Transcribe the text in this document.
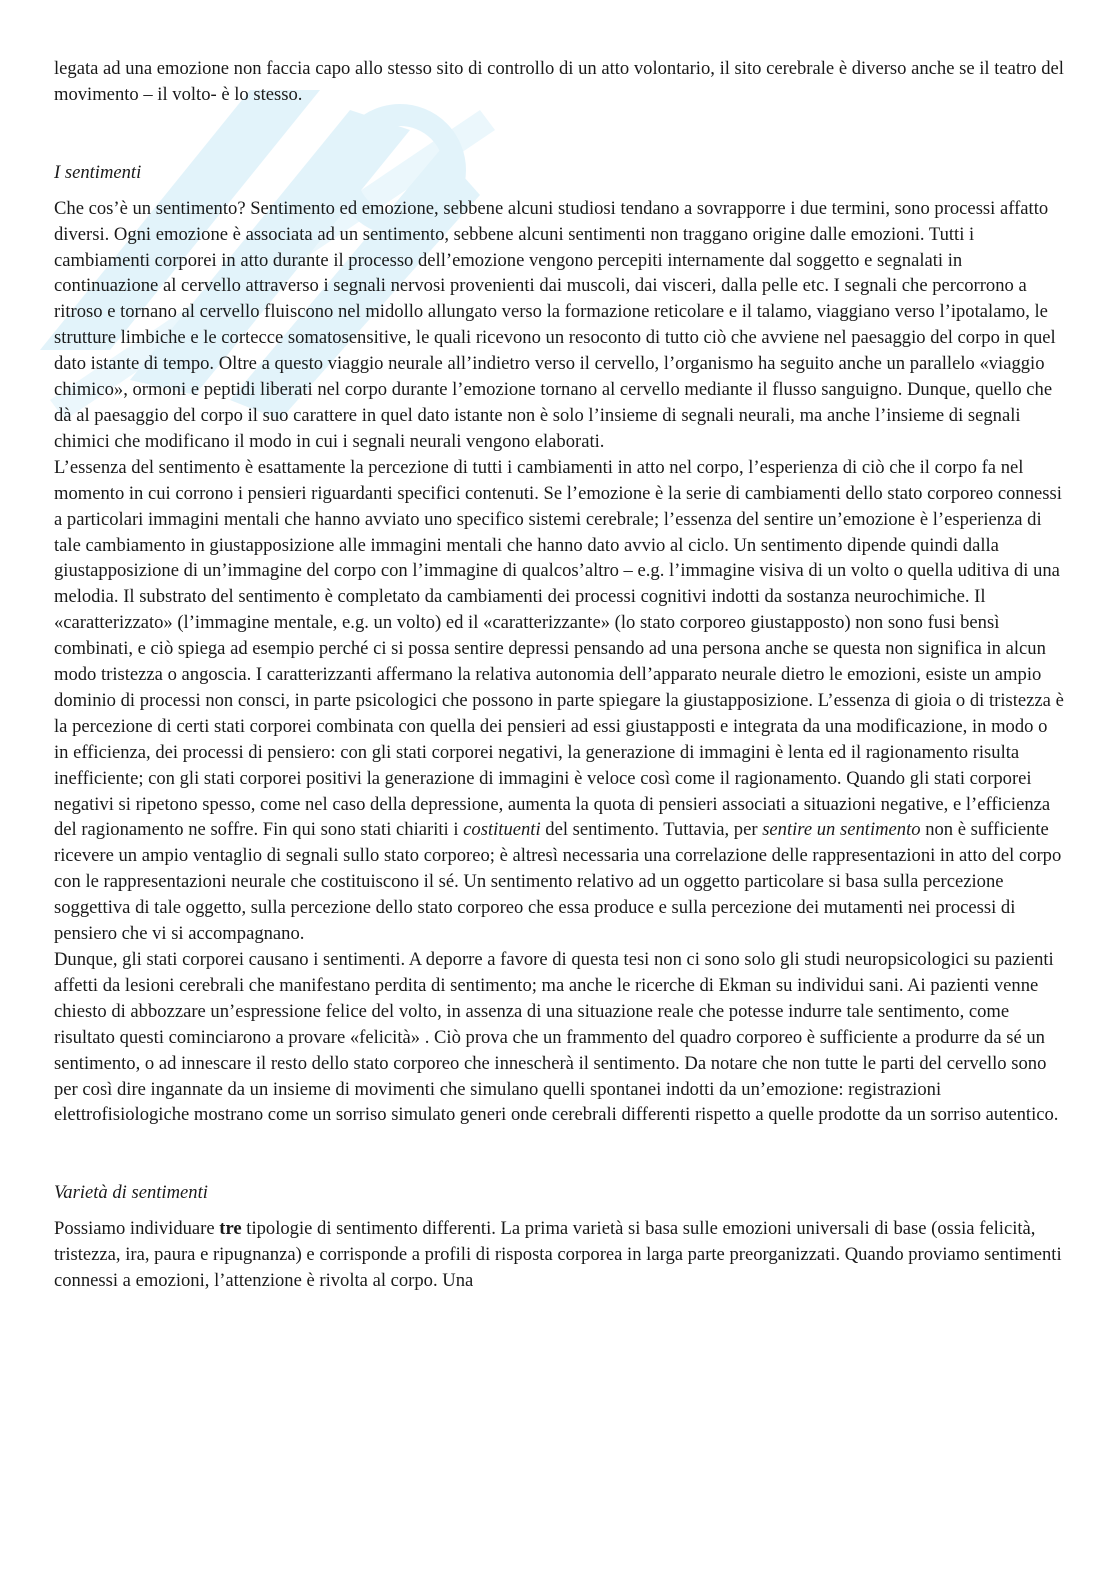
legata ad una emozione non faccia capo allo stesso sito di controllo di un atto volontario, il sito cerebrale è diverso anche se il teatro del movimento – il volto- è lo stesso.

I sentimenti

Che cos’è un sentimento? Sentimento ed emozione, sebbene alcuni studiosi tendano a sovrapporre i due termini, sono processi affatto diversi. Ogni emozione è associata ad un sentimento, sebbene alcuni sentimenti non traggano origine dalle emozioni. Tutti i cambiamenti corporei in atto durante il processo dell’emozione vengono percepiti internamente dal soggetto e segnalati in continuazione al cervello attraverso i segnali nervosi provenienti dai muscoli, dai visceri, dalla pelle etc. I segnali che percorrono a ritroso e tornano al cervello fluiscono nel midollo allungato verso la formazione reticolare e il talamo, viaggiano verso l’ipotalamo, le strutture limbiche e le cortecce somatosensitive, le quali ricevono un resoconto di tutto ciò che avviene nel paesaggio del corpo in quel dato istante di tempo. Oltre a questo viaggio neurale all’indietro verso il cervello, l’organismo ha seguito anche un parallelo «viaggio chimico», ormoni e peptidi liberati nel corpo durante l’emozione tornano al cervello mediante il flusso sanguigno. Dunque, quello che dà al paesaggio del corpo il suo carattere in quel dato istante non è solo l’insieme di segnali neurali, ma anche l’insieme di segnali chimici che modificano il modo in cui i segnali neurali vengono elaborati.

L’essenza del sentimento è esattamente la percezione di tutti i cambiamenti in atto nel corpo, l’esperienza di ciò che il corpo fa nel momento in cui corrono i pensieri riguardanti specifici contenuti. Se l’emozione è la serie di cambiamenti dello stato corporeo connessi a particolari immagini mentali che hanno avviato uno specifico sistemi cerebrale; l’essenza del sentire un’emozione è l’esperienza di tale cambiamento in giustapposizione alle immagini mentali che hanno dato avvio al ciclo. Un sentimento dipende quindi dalla giustapposizione di un’immagine del corpo con l’immagine di qualcos’altro – e.g. l’immagine visiva di un volto o quella uditiva di una melodia. Il substrato del sentimento è completato da cambiamenti dei processi cognitivi indotti da sostanza neurochimiche. Il «caratterizzato» (l’immagine mentale, e.g. un volto) ed il «caratterizzante» (lo stato corporeo giustapposto) non sono fusi bensì combinati, e ciò spiega ad esempio perché ci si possa sentire depressi pensando ad una persona anche se questa non significa in alcun modo tristezza o angoscia. I caratterizzanti affermano la relativa autonomia dell’apparato neurale dietro le emozioni, esiste un ampio dominio di processi non consci, in parte psicologici che possono in parte spiegare la giustapposizione. L’essenza di gioia o di tristezza è la percezione di certi stati corporei combinata con quella dei pensieri ad essi giustapposti e integrata da una modificazione, in modo o in efficienza, dei processi di pensiero: con gli stati corporei negativi, la generazione di immagini è lenta ed il ragionamento risulta inefficiente; con gli stati corporei positivi la generazione di immagini è veloce così come il ragionamento. Quando gli stati corporei negativi si ripetono spesso, come nel caso della depressione, aumenta la quota di pensieri associati a situazioni negative, e l’efficienza del ragionamento ne soffre. Fin qui sono stati chiariti i costituenti del sentimento. Tuttavia, per sentire un sentimento non è sufficiente ricevere un ampio ventaglio di segnali sullo stato corporeo; è altresì necessaria una correlazione delle rappresentazioni in atto del corpo con le rappresentazioni neurale che costituiscono il sé. Un sentimento relativo ad un oggetto particolare si basa sulla percezione soggettiva di tale oggetto, sulla percezione dello stato corporeo che essa produce e sulla percezione dei mutamenti nei processi di pensiero che vi si accompagnano.

Dunque, gli stati corporei causano i sentimenti. A deporre a favore di questa tesi non ci sono solo gli studi neuropsicologici su pazienti affetti da lesioni cerebrali che manifestano perdita di sentimento; ma anche le ricerche di Ekman su individui sani. Ai pazienti venne chiesto di abbozzare un’espressione felice del volto, in assenza di una situazione reale che potesse indurre tale sentimento, come risultato questi cominciarono a provare «felicità» . Ciò prova che un frammento del quadro corporeo è sufficiente a produrre da sé un sentimento, o ad innescare il resto dello stato corporeo che innescherà il sentimento. Da notare che non tutte le parti del cervello sono per così dire ingannate da un insieme di movimenti che simulano quelli spontanei indotti da un’emozione: registrazioni elettrofisiologiche mostrano come un sorriso simulato generi onde cerebrali differenti rispetto a quelle prodotte da un sorriso autentico.

Varietà di sentimenti

Possiamo individuare tre tipologie di sentimento differenti. La prima varietà si basa sulle emozioni universali di base (ossia felicità, tristezza, ira, paura e ripugnanza) e corrisponde a profili di risposta corporea in larga parte preorganizzati. Quando proviamo sentimenti connessi a emozioni, l’attenzione è rivolta al corpo. Una
